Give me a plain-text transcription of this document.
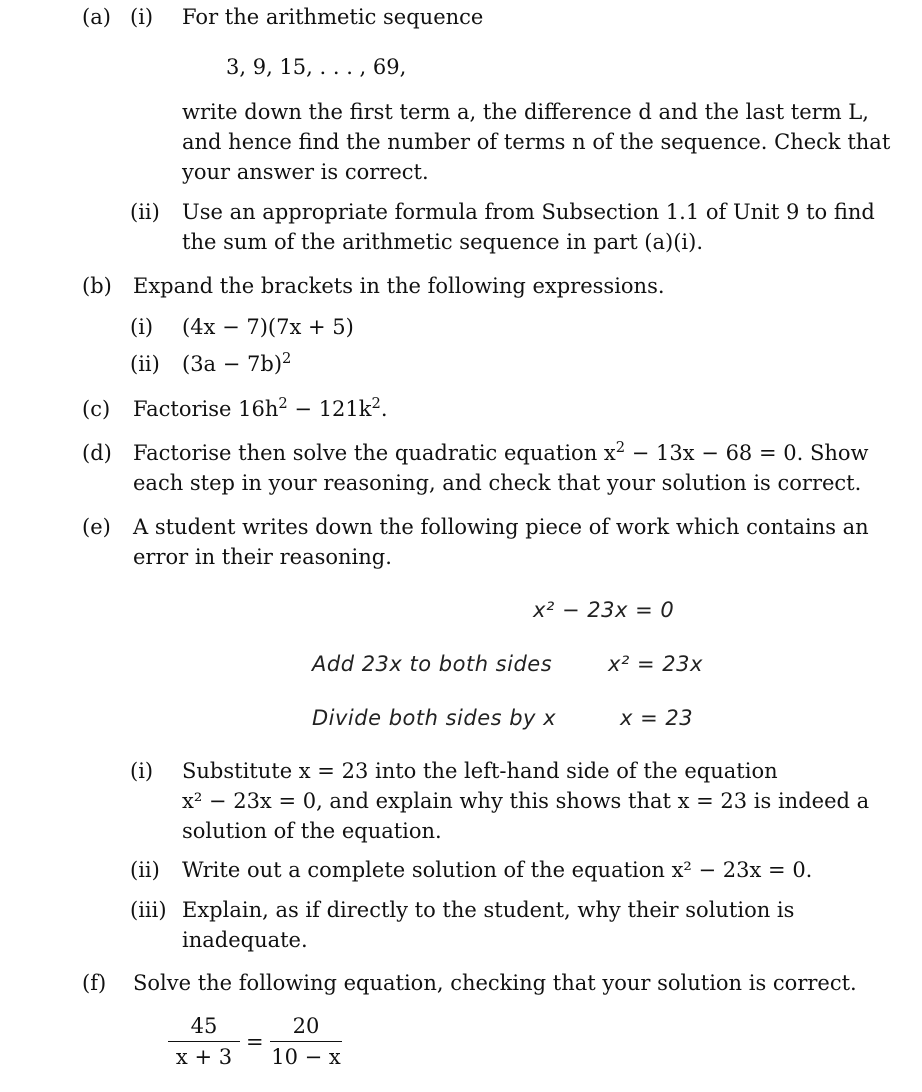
(a) (i) For the arithmetic sequence
3, 9, 15, . . . , 69,
write down the first term a, the difference d and the last term L,
and hence find the number of terms n of the sequence. Check that
your answer is correct.
(ii) Use an appropriate formula from Subsection 1.1 of Unit 9 to find
the sum of the arithmetic sequence in part (a)(i).
(b) Expand the brackets in the following expressions.
(i) (4x − 7)(7x + 5)
(ii) $(3a - 7b)^2$
(c) Factorise $16h^2 - 121k^2$.
(d) Factorise then solve the quadratic equation $x^2 - 13x - 68 = 0$. Show
each step in your reasoning, and check that your solution is correct.
(e) A student writes down the following piece of work which contains an
error in their reasoning.
x² − 23x = 0
Add 23x to both sides	x² = 23x
Divide both sides by x	x = 23
(i) Substitute x = 23 into the left-hand side of the equation
x² − 23x = 0, and explain why this shows that x = 23 is indeed a
solution of the equation.
(ii) Write out a complete solution of the equation x² − 23x = 0.
(iii) Explain, as if directly to the student, why their solution is
inadequate.
(f) Solve the following equation, checking that your solution is correct.
$\frac{45}{x + 3} = \frac{20}{10 - x}$
